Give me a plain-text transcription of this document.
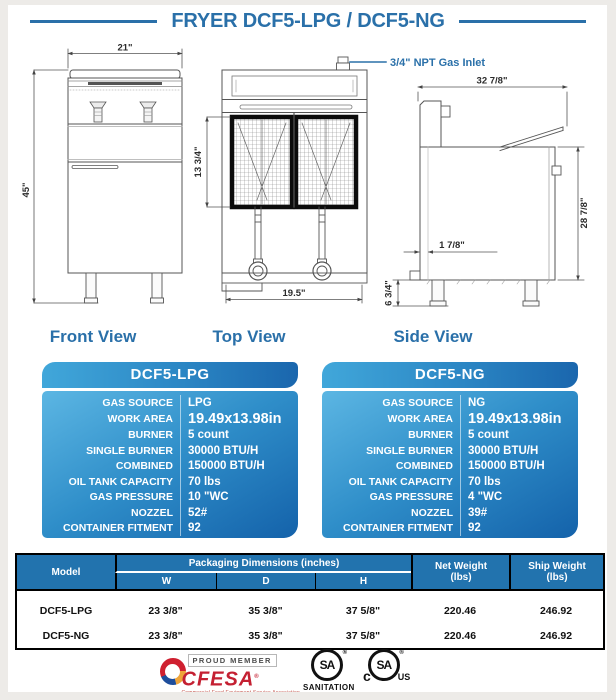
FRYER DCF5-LPG / DCF5-NG
21"
45"
3/4" NPT Gas Inlet
13 3/4"
19.5"
32 7/8"
28 7/8"
1 7/8"
6 3/4"
Front View	Top View	Side View
DCF5-LPG
GAS SOURCE	LPG
WORK AREA	19.49x13.98in
BURNER	5 count
SINGLE BURNER	30000 BTU/H
COMBINED	150000 BTU/H
OIL TANK CAPACITY	70 lbs
GAS PRESSURE	10 "WC
NOZZEL	52#
CONTAINER FITMENT	92
DCF5-NG
GAS SOURCE	NG
WORK AREA	19.49x13.98in
BURNER	5 count
SINGLE BURNER	30000 BTU/H
COMBINED	150000 BTU/H
OIL TANK CAPACITY	70 lbs
GAS PRESSURE	4 "WC
NOZZEL	39#
CONTAINER FITMENT	92
Model	Packaging Dimensions (inches)	Net Weight
(lbs)

Ship Weight
(lbs)

	W	D	H		
DCF5-LPG	23 3/8"	35 3/8"	37 5/8"	220.46	246.92
DCF5-NG	23 3/8"	35 3/8"	37 5/8"	220.46	246.92
PROUD MEMBER
CFESA®
SA
®
SANITATION
c
SA
®
US
